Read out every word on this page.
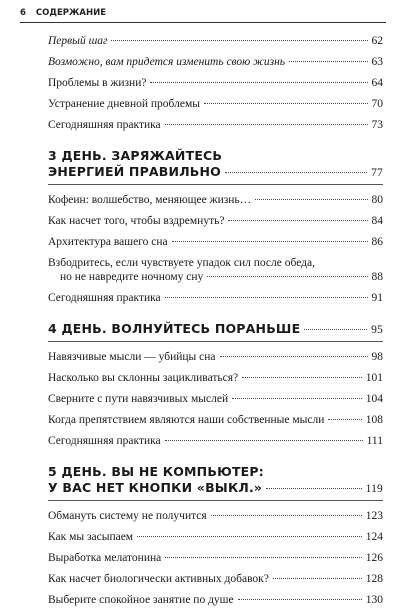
6 СОДЕРЖАНИЕ
Первый шаг	62
Возможно, вам придется изменить свою жизнь	63
Проблемы в жизни?	64
Устранение дневной проблемы	70
Сегодняшняя практика	73
3 ДЕНЬ. ЗАРЯЖАЙТЕСЬ
ЭНЕРГИЕЙ ПРАВИЛЬНО	77
Кофеин: волшебство, меняющее жизнь…	80
Как насчет того, чтобы вздремнуть?	84
Архитектура вашего сна	86
Взбодритесь, если чувствуете упадок сил после обеда,
но не навредите ночному сну	88
Сегодняшняя практика	91
4 ДЕНЬ. ВОЛНУЙТЕСЬ ПОРАНЬШЕ	95
Навязчивые мысли — убийцы сна	98
Насколько вы склонны зацикливаться?	101
Сверните с пути навязчивых мыслей	104
Когда препятствием являются наши собственные мысли	108
Сегодняшняя практика	111
5 ДЕНЬ. ВЫ НЕ КОМПЬЮТЕР:
У ВАС НЕТ КНОПКИ «ВЫКЛ.»	119
Обмануть систему не получится	123
Как мы засыпаем	124
Выработка мелатонина	126
Как насчет биологически активных добавок?	128
Выберите спокойное занятие по душе	130
